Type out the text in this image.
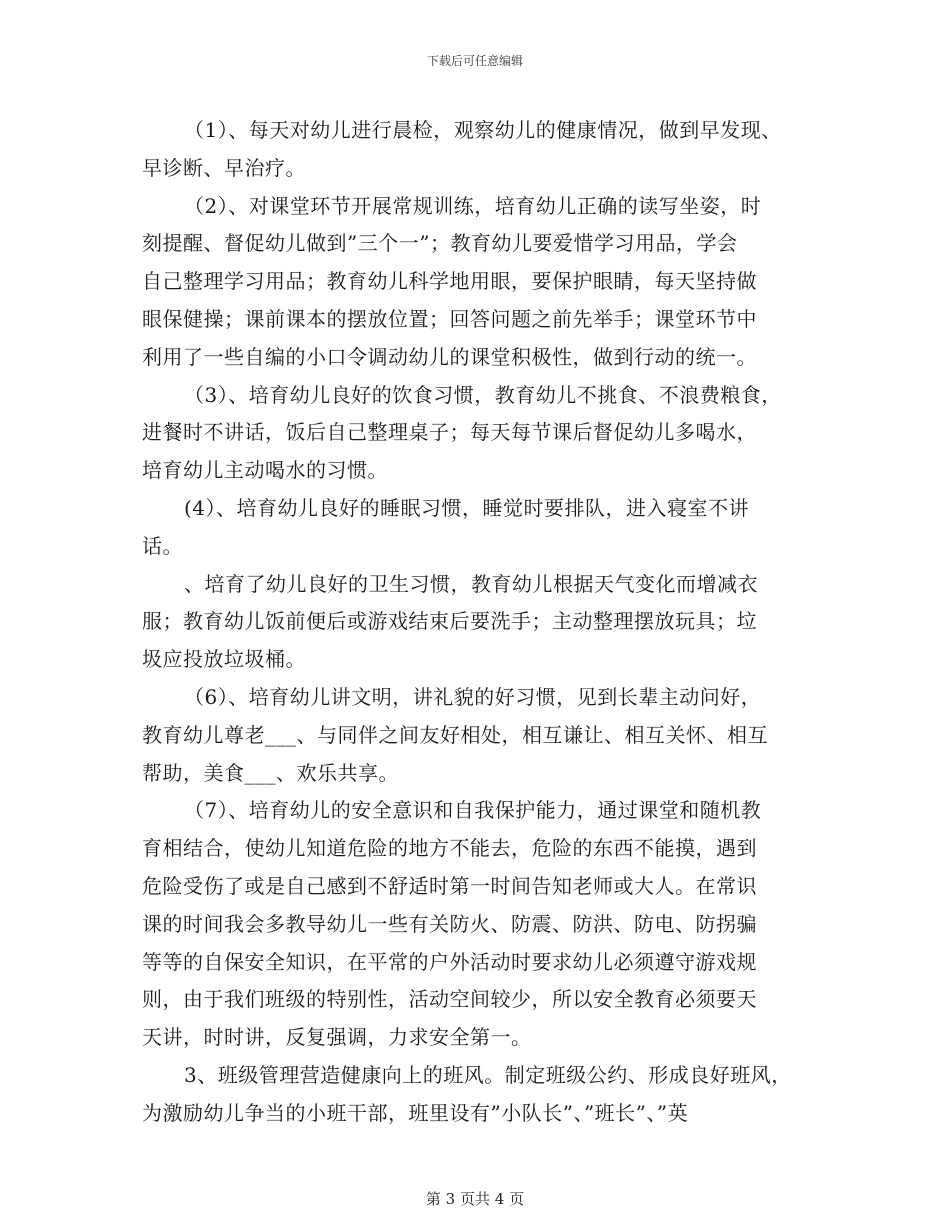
下载后可任意编辑
（1）、每天对幼儿进行晨检，观察幼儿的健康情况，做到早发现、
早诊断、早治疗。
（2）、对课堂环节开展常规训练，培育幼儿正确的读写坐姿，时
刻提醒、督促幼儿做到”三个一”；教育幼儿要爱惜学习用品，学会
自己整理学习用品；教育幼儿科学地用眼，要保护眼睛，每天坚持做
眼保健操；课前课本的摆放位置；回答问题之前先举手；课堂环节中
利用了一些自编的小口令调动幼儿的课堂积极性，做到行动的统一。
（3）、培育幼儿良好的饮食习惯，教育幼儿不挑食、不浪费粮食，
进餐时不讲话，饭后自己整理桌子；每天每节课后督促幼儿多喝水，
培育幼儿主动喝水的习惯。
(4）、培育幼儿良好的睡眠习惯，睡觉时要排队，进入寝室不讲
话。
、培育了幼儿良好的卫生习惯，教育幼儿根据天气变化而增减衣
服；教育幼儿饭前便后或游戏结束后要洗手；主动整理摆放玩具；垃
圾应投放垃圾桶。
（6）、培育幼儿讲文明，讲礼貌的好习惯，见到长辈主动问好，
教育幼儿尊老___、与同伴之间友好相处，相互谦让、相互关怀、相互
帮助，美食___、欢乐共享。
（7）、培育幼儿的安全意识和自我保护能力，通过课堂和随机教
育相结合，使幼儿知道危险的地方不能去，危险的东西不能摸，遇到
危险受伤了或是自己感到不舒适时第一时间告知老师或大人。在常识
课的时间我会多教导幼儿一些有关防火、防震、防洪、防电、防拐骗
等等的自保安全知识，在平常的户外活动时要求幼儿必须遵守游戏规
则，由于我们班级的特别性，活动空间较少，所以安全教育必须要天
天讲，时时讲，反复强调，力求安全第一。
3、班级管理营造健康向上的班风。制定班级公约、形成良好班风，
为激励幼儿争当的小班干部，班里设有”小队长”、”班长”、”英
第 3 页共 4 页
